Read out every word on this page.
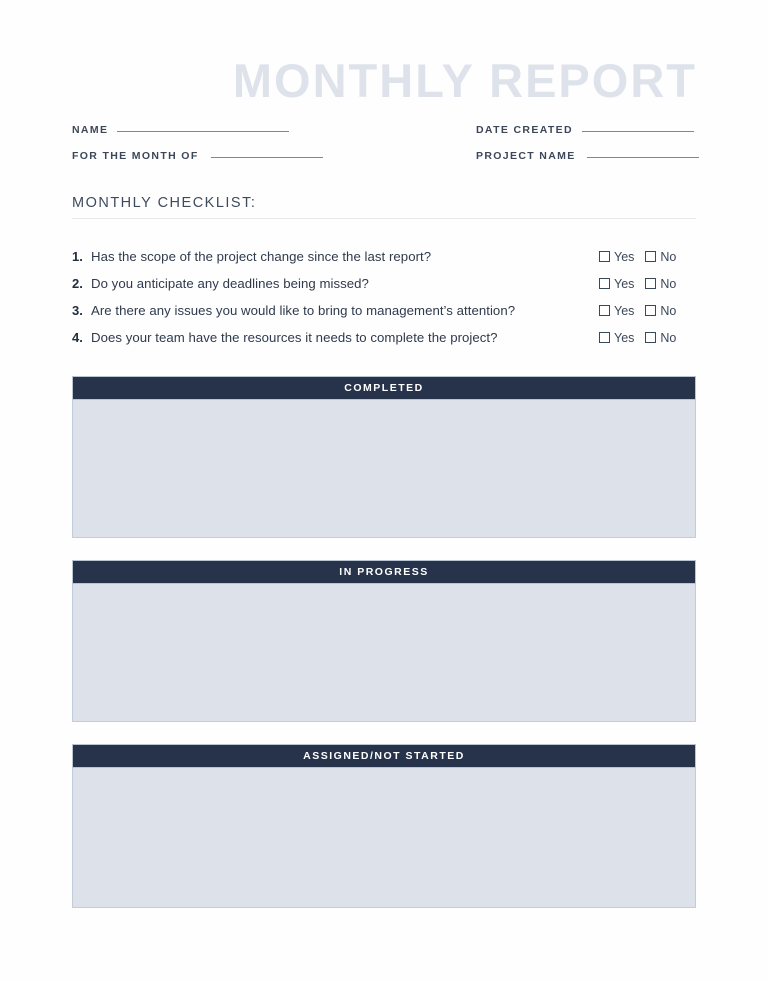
MONTHLY REPORT
NAME
FOR THE MONTH OF
DATE CREATED
PROJECT NAME
MONTHLY CHECKLIST:
1. Has the scope of the project change since the last report?	Yes No
2. Do you anticipate any deadlines being missed?	Yes No
3. Are there any issues you would like to bring to management’s attention?	Yes No
4. Does your team have the resources it needs to complete the project?	Yes No
COMPLETED
IN PROGRESS
ASSIGNED/NOT STARTED
